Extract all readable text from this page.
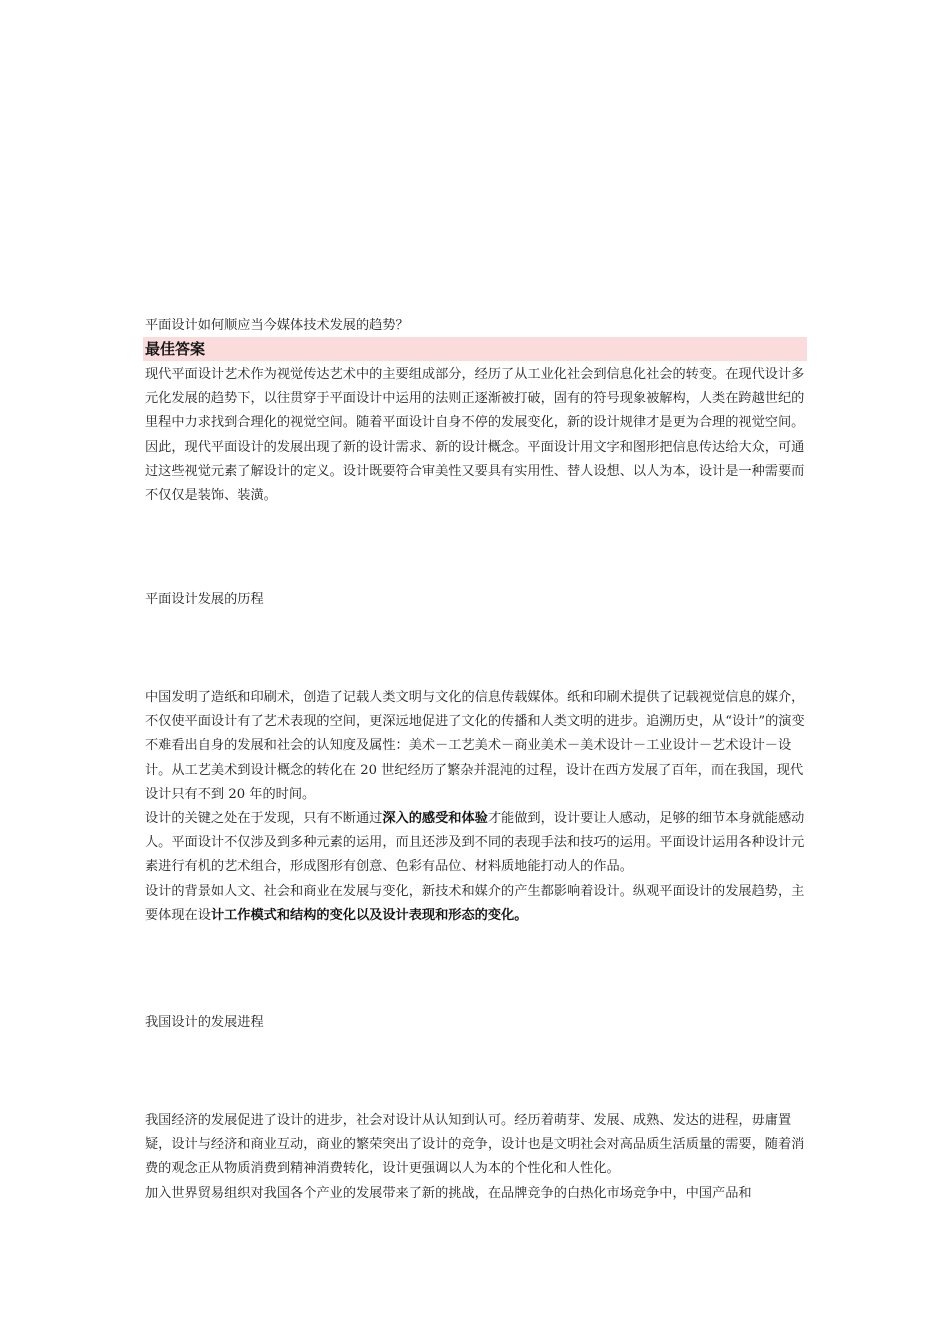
平面设计如何顺应当今媒体技术发展的趋势？
最佳答案

现代平面设计艺术作为视觉传达艺术中的主要组成部分，经历了从工业化社会到信息化社会的转变。在现代设计多元化发展的趋势下，以往贯穿于平面设计中运用的法则正逐渐被打破，固有的符号现象被解构，人类在跨越世纪的里程中力求找到合理化的视觉空间。随着平面设计自身不停的发展变化，新的设计规律才是更为合理的视觉空间。因此，现代平面设计的发展出现了新的设计需求、新的设计概念。平面设计用文字和图形把信息传达给大众，可通过这些视觉元素了解设计的定义。设计既要符合审美性又要具有实用性、替人设想、以人为本，设计是一种需要而不仅仅是装饰、装潢。

平面设计发展的历程

中国发明了造纸和印刷术，创造了记载人类文明与文化的信息传载媒体。纸和印刷术提供了记载视觉信息的媒介，不仅使平面设计有了艺术表现的空间，更深远地促进了文化的传播和人类文明的进步。追溯历史，从“设计”的演变不难看出自身的发展和社会的认知度及属性：美术－工艺美术－商业美术－美术设计－工业设计－艺术设计－设计。从工艺美术到设计概念的转化在 20 世纪经历了繁杂并混沌的过程，设计在西方发展了百年，而在我国，现代设计只有不到 20 年的时间。

设计的关键之处在于发现，只有不断通过深入的感受和体验才能做到，设计要让人感动，足够的细节本身就能感动人。平面设计不仅涉及到多种元素的运用，而且还涉及到不同的表现手法和技巧的运用。平面设计运用各种设计元素进行有机的艺术组合，形成图形有创意、色彩有品位、材料质地能打动人的作品。

设计的背景如人文、社会和商业在发展与变化，新技术和媒介的产生都影响着设计。纵观平面设计的发展趋势，主要体现在设计工作模式和结构的变化以及设计表现和形态的变化。

我国设计的发展进程

我国经济的发展促进了设计的进步，社会对设计从认知到认可。经历着萌芽、发展、成熟、发达的进程，毋庸置疑，设计与经济和商业互动，商业的繁荣突出了设计的竞争，设计也是文明社会对高品质生活质量的需要，随着消费的观念正从物质消费到精神消费转化，设计更强调以人为本的个性化和人性化。

加入世界贸易组织对我国各个产业的发展带来了新的挑战，在品牌竞争的白热化市场竞争中，中国产品和
